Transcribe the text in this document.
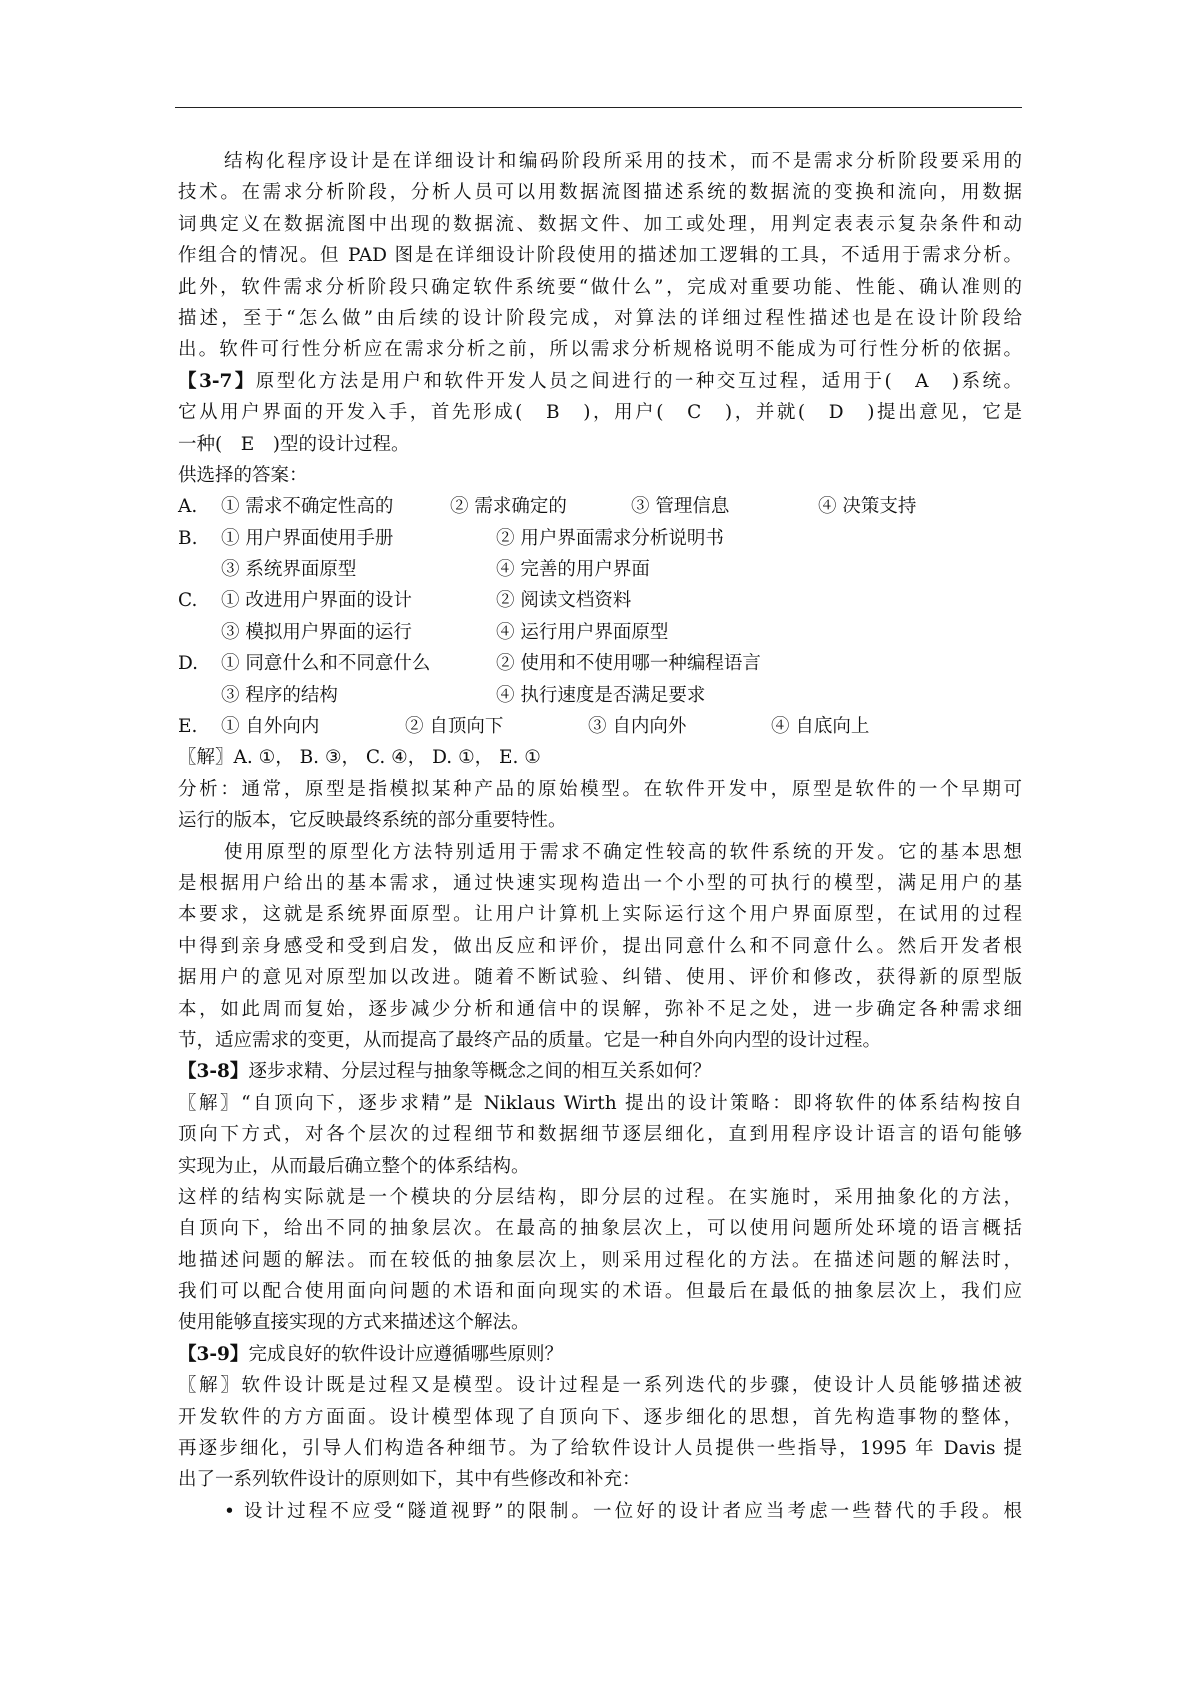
结构化程序设计是在详细设计和编码阶段所采用的技术，而不是需求分析阶段要采用的
技术。在需求分析阶段，分析人员可以用数据流图描述系统的数据流的变换和流向，用数据
词典定义在数据流图中出现的数据流、数据文件、加工或处理，用判定表表示复杂条件和动
作组合的情况。但 PAD 图是在详细设计阶段使用的描述加工逻辑的工具，不适用于需求分析。
此外，软件需求分析阶段只确定软件系统要“做什么”，完成对重要功能、性能、确认准则的
描述，至于“怎么做”由后续的设计阶段完成，对算法的详细过程性描述也是在设计阶段给
出。软件可行性分析应在需求分析之前，所以需求分析规格说明不能成为可行性分析的依据。
【3-7】原型化方法是用户和软件开发人员之间进行的一种交互过程，适用于(　A　)系统。
它从用户界面的开发入手，首先形成(　B　)，用户(　C　)，并就(　D　)提出意见，它是
一种(　E　)型的设计过程。
供选择的答案：
A. ① 需求不确定性高的	② 需求确定的	③ 管理信息	④ 决策支持
B. ① 用户界面使用手册	② 用户界面需求分析说明书
③ 系统界面原型	④ 完善的用户界面
C. ① 改进用户界面的设计	② 阅读文档资料
③ 模拟用户界面的运行	④ 运行用户界面原型
D. ① 同意什么和不同意什么	② 使用和不使用哪一种编程语言
③ 程序的结构	④ 执行速度是否满足要求
E. ① 自外向内	② 自顶向下	③ 自内向外	④ 自底向上
〖解〗A. ①， B. ③， C. ④， D. ①， E. ①
分析：通常，原型是指模拟某种产品的原始模型。在软件开发中，原型是软件的一个早期可
运行的版本，它反映最终系统的部分重要特性。
使用原型的原型化方法特别适用于需求不确定性较高的软件系统的开发。它的基本思想
是根据用户给出的基本需求，通过快速实现构造出一个小型的可执行的模型，满足用户的基
本要求，这就是系统界面原型。让用户计算机上实际运行这个用户界面原型，在试用的过程
中得到亲身感受和受到启发，做出反应和评价，提出同意什么和不同意什么。然后开发者根
据用户的意见对原型加以改进。随着不断试验、纠错、使用、评价和修改，获得新的原型版
本，如此周而复始，逐步减少分析和通信中的误解，弥补不足之处，进一步确定各种需求细
节，适应需求的变更，从而提高了最终产品的质量。它是一种自外向内型的设计过程。
【3-8】逐步求精、分层过程与抽象等概念之间的相互关系如何？
〖解〗“自顶向下，逐步求精”是 Niklaus Wirth 提出的设计策略：即将软件的体系结构按自
顶向下方式，对各个层次的过程细节和数据细节逐层细化，直到用程序设计语言的语句能够
实现为止，从而最后确立整个的体系结构。
这样的结构实际就是一个模块的分层结构，即分层的过程。在实施时，采用抽象化的方法，
自顶向下，给出不同的抽象层次。在最高的抽象层次上，可以使用问题所处环境的语言概括
地描述问题的解法。而在较低的抽象层次上，则采用过程化的方法。在描述问题的解法时，
我们可以配合使用面向问题的术语和面向现实的术语。但最后在最低的抽象层次上，我们应
使用能够直接实现的方式来描述这个解法。
【3-9】完成良好的软件设计应遵循哪些原则？
〖解〗软件设计既是过程又是模型。设计过程是一系列迭代的步骤，使设计人员能够描述被
开发软件的方方面面。设计模型体现了自顶向下、逐步细化的思想，首先构造事物的整体，
再逐步细化，引导人们构造各种细节。为了给软件设计人员提供一些指导，1995 年 Davis 提
出了一系列软件设计的原则如下，其中有些修改和补充：
• 设计过程不应受“隧道视野”的限制。一位好的设计者应当考虑一些替代的手段。根
